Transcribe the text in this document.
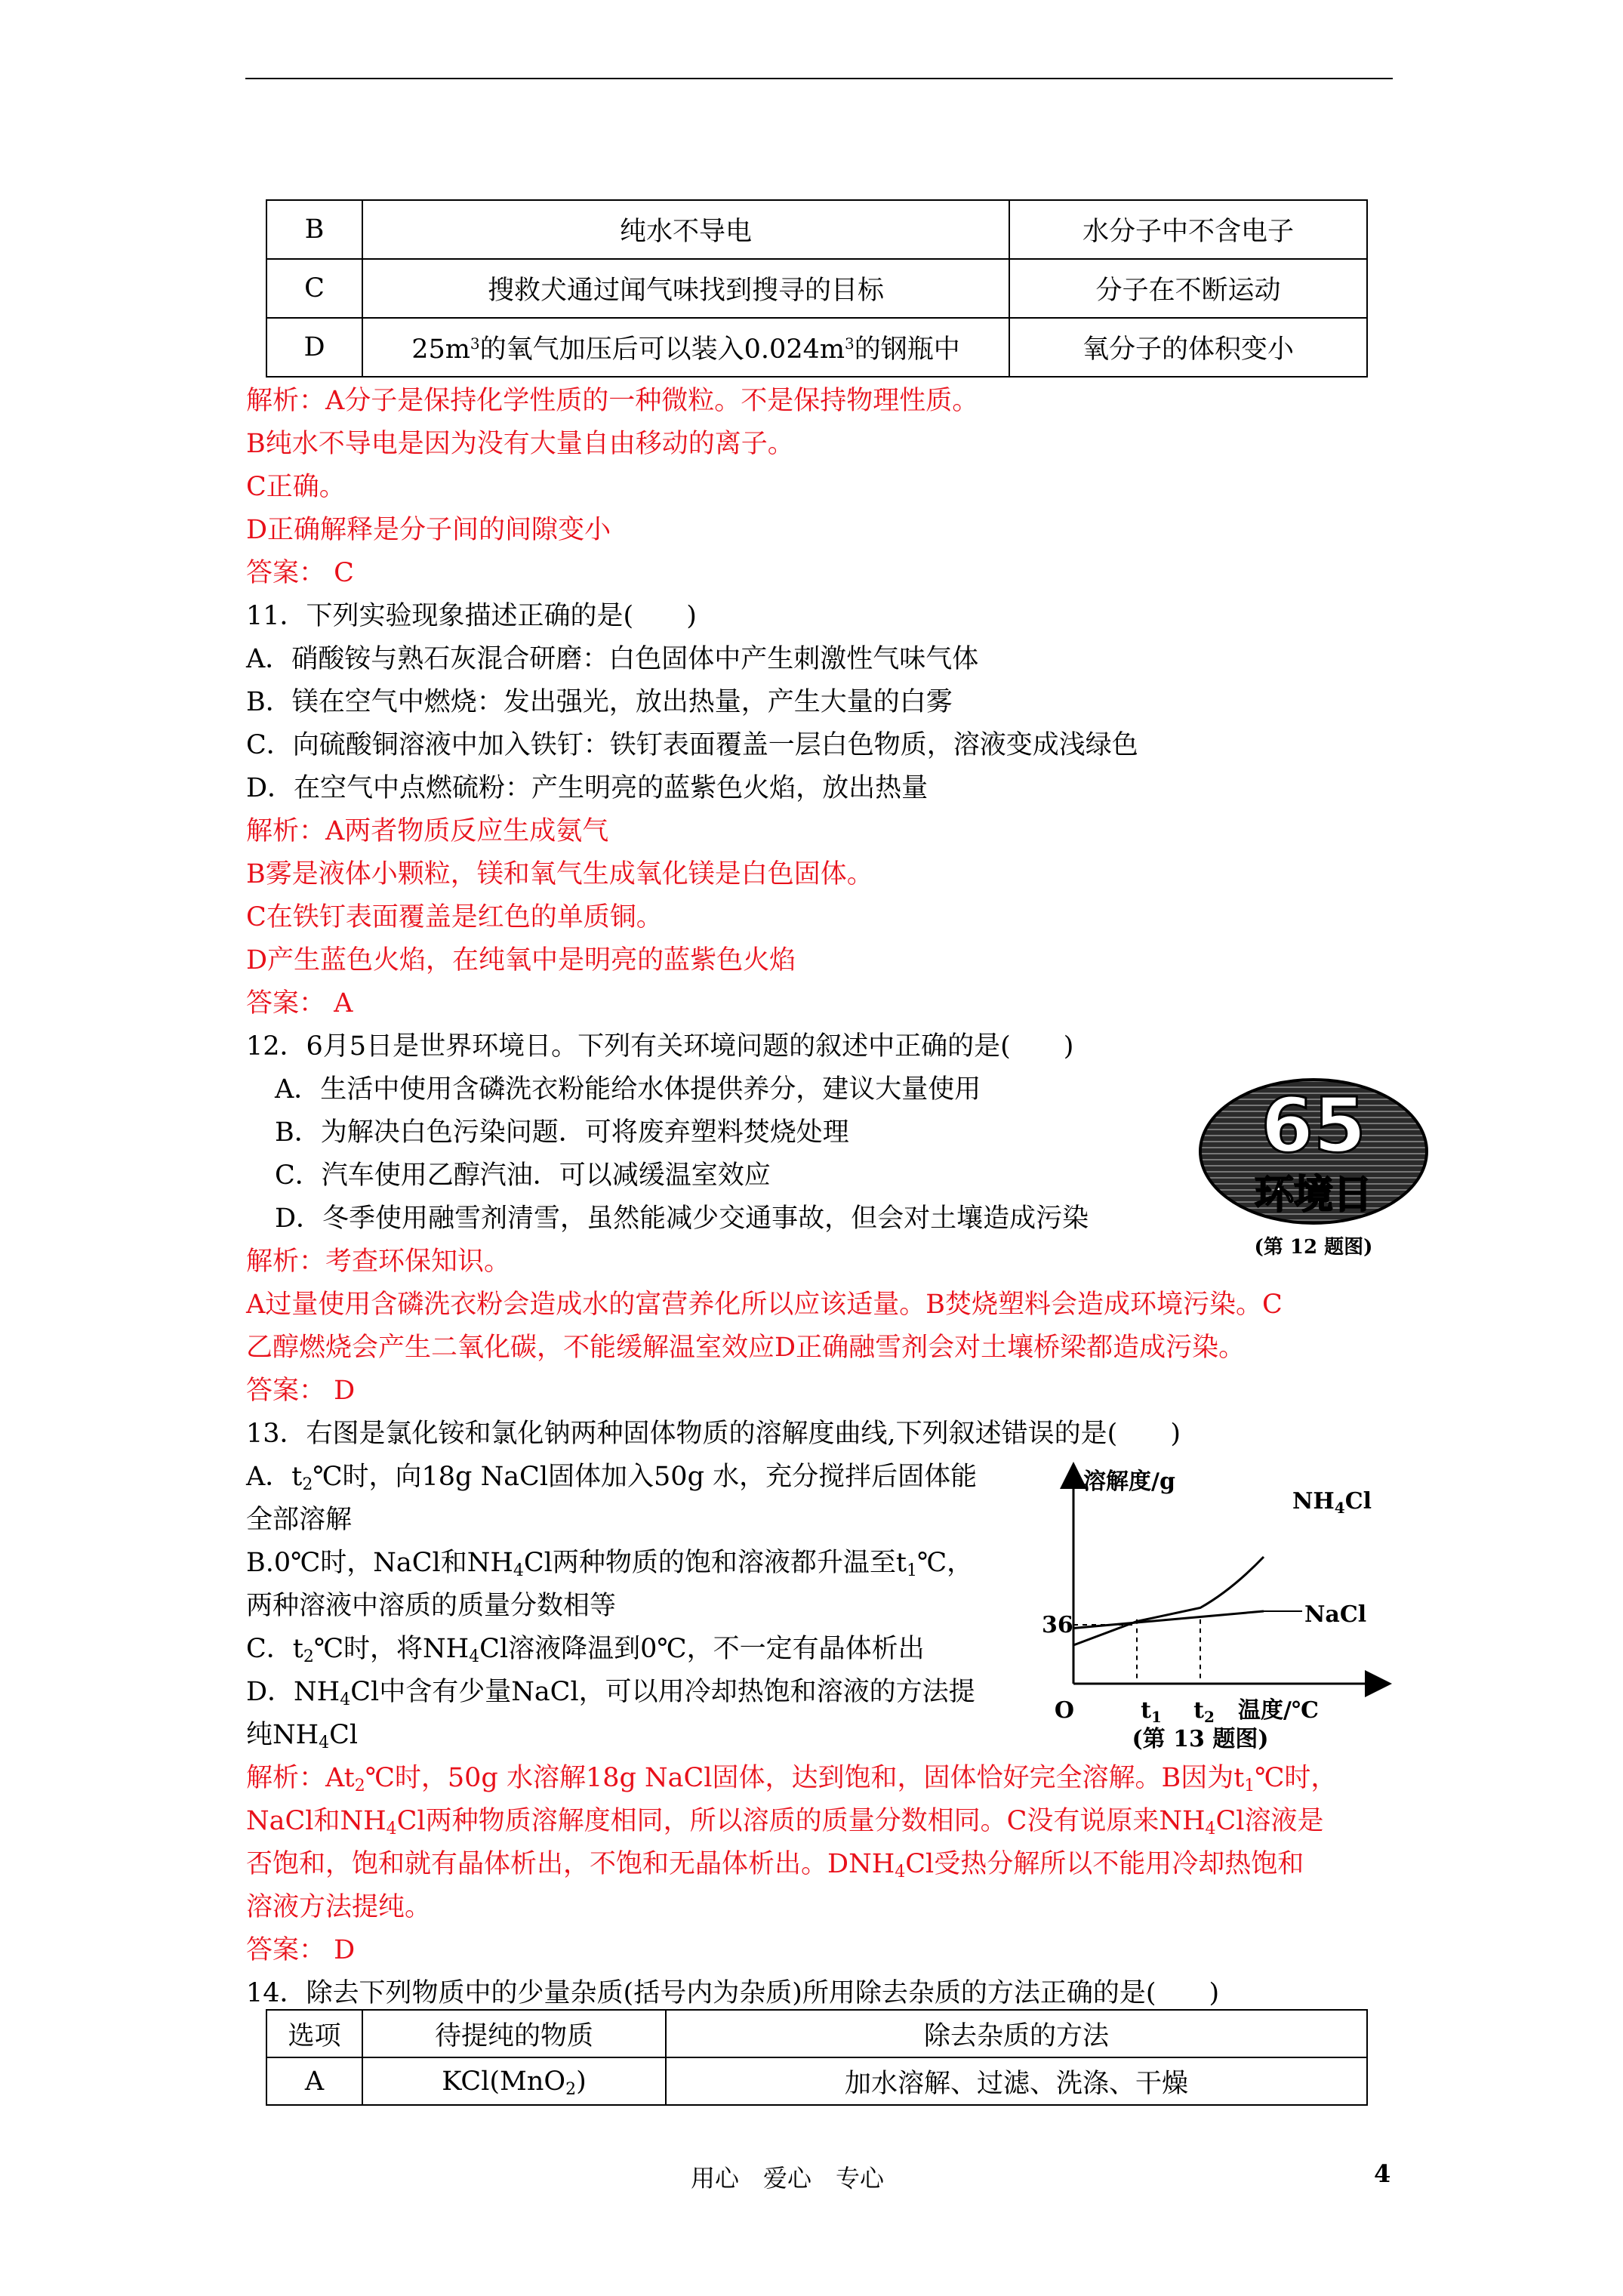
B	纯水不导电	水分子中不含电子
C	搜救犬通过闻气味找到搜寻的目标	分子在不断运动
D	$25m^3$的氧气加压后可以装入$0.024m^3$的钢瓶中	氧分子的体积变小
解析：A分子是保持化学性质的一种微粒。不是保持物理性质。
B纯水不导电是因为没有大量自由移动的离子。
C正确。
D正确解释是分子间的间隙变小
答案： C
11．下列实验现象描述正确的是(　　)
A．硝酸铵与熟石灰混合研磨：白色固体中产生刺激性气味气体
B．镁在空气中燃烧：发出强光，放出热量，产生大量的白雾
C．向硫酸铜溶液中加入铁钉：铁钉表面覆盖一层白色物质，溶液变成浅绿色
D．在空气中点燃硫粉：产生明亮的蓝紫色火焰，放出热量
解析：A两者物质反应生成氨气
B雾是液体小颗粒，镁和氧气生成氧化镁是白色固体。
C在铁钉表面覆盖是红色的单质铜。
D产生蓝色火焰，在纯氧中是明亮的蓝紫色火焰
答案： A
12．6月5日是世界环境日。下列有关环境问题的叙述中正确的是(　　)
A．生活中使用含磷洗衣粉能给水体提供养分，建议大量使用
B．为解决白色污染问题．可将废弃塑料焚烧处理
C．汽车使用乙醇汽油．可以减缓温室效应
D．冬季使用融雪剂清雪，虽然能减少交通事故，但会对土壤造成污染
解析：考查环保知识。
A过量使用含磷洗衣粉会造成水的富营养化所以应该适量。B焚烧塑料会造成环境污染。C
乙醇燃烧会产生二氧化碳，不能缓解温室效应D正确融雪剂会对土壤桥梁都造成污染。
答案： D
13．右图是氯化铵和氯化钠两种固体物质的溶解度曲线,下列叙述错误的是(　　)
A．$t_2℃$时，向18g NaCl固体加入50g 水，充分搅拌后固体能
全部溶解
B.0℃时，NaCl和$NH_4Cl$两种物质的饱和溶液都升温至$t_1℃$，
两种溶液中溶质的质量分数相等
C．$t_2℃$时，将$NH_4Cl$溶液降温到0℃，不一定有晶体析出
D．$NH_4Cl$中含有少量NaCl，可以用冷却热饱和溶液的方法提
纯$NH_4Cl$
解析：$At_2℃$时，50g 水溶解18g NaCl固体，达到饱和，固体恰好完全溶解。B因为$t_1℃$时，
NaCl和$NH_4Cl$两种物质溶解度相同，所以溶质的质量分数相同。C没有说原来$NH_4Cl$溶液是
否饱和，饱和就有晶体析出，不饱和无晶体析出。$DNH_4Cl$受热分解所以不能用冷却热饱和
溶液方法提纯。
答案： D
14．除去下列物质中的少量杂质(括号内为杂质)所用除去杂质的方法正确的是(　　)
65
环境日
(第 12 题图)
溶解度/g
温度/℃
O
36
$t_1$ $t_2$
$NH_4Cl$
NaCl
(第 13 题图)
选项	待提纯的物质	除去杂质的方法
A	KCl(MnO$_2$)	加水溶解、过滤、洗涤、干燥
用心　爱心　专心	4
